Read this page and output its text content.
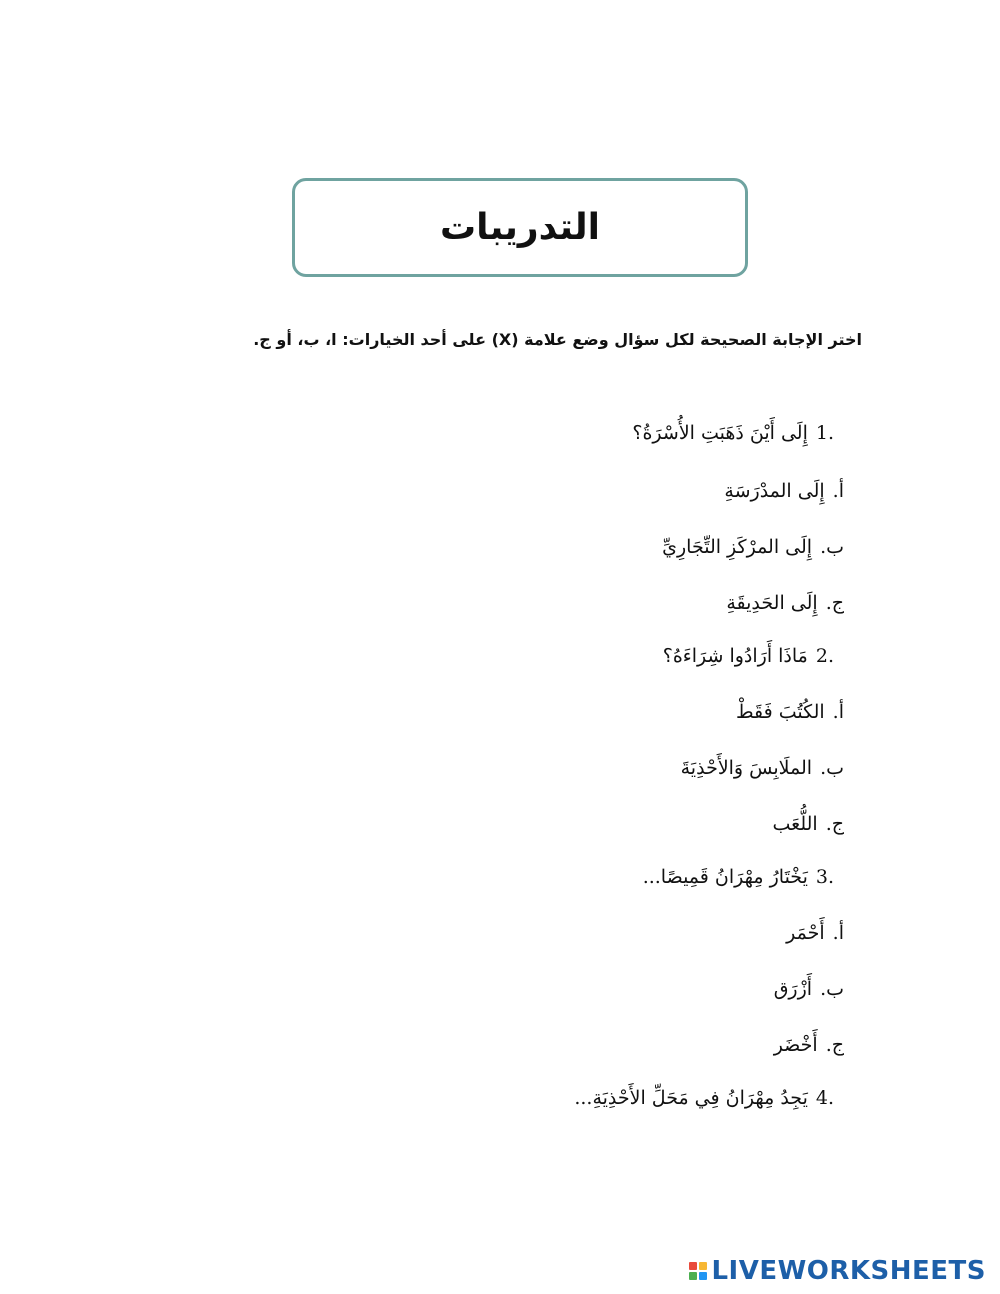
التدريبات
اختر الإجابة الصحيحة لكل سؤال وضع علامة (X) على أحد الخيارات: ا، ب، أو ج.
1.
إِلَى أَيْنَ ذَهَبَتِ الأُسْرَةُ؟
أ.
إِلَى المدْرَسَةِ
ب.
إِلَى المرْكَزِ التِّجَارِيِّ
ج.
إِلَى الحَدِيقَةِ
2.
مَاذَا أَرَادُوا شِرَاءَهُ؟
أ.
الكُتُبَ فَقَطْ
ب.
الملَابِسَ وَالأَحْذِيَةَ
ج.
اللُّعَب
3.
يَخْتَارُ مِهْرَانُ قَمِيصًا...
أ.
أَحْمَر
ب.
أَزْرَق
ج.
أَخْضَر
4.
يَجِدُ مِهْرَانُ فِي مَحَلِّ الأَحْذِيَةِ...
LIVEWORKSHEETS
